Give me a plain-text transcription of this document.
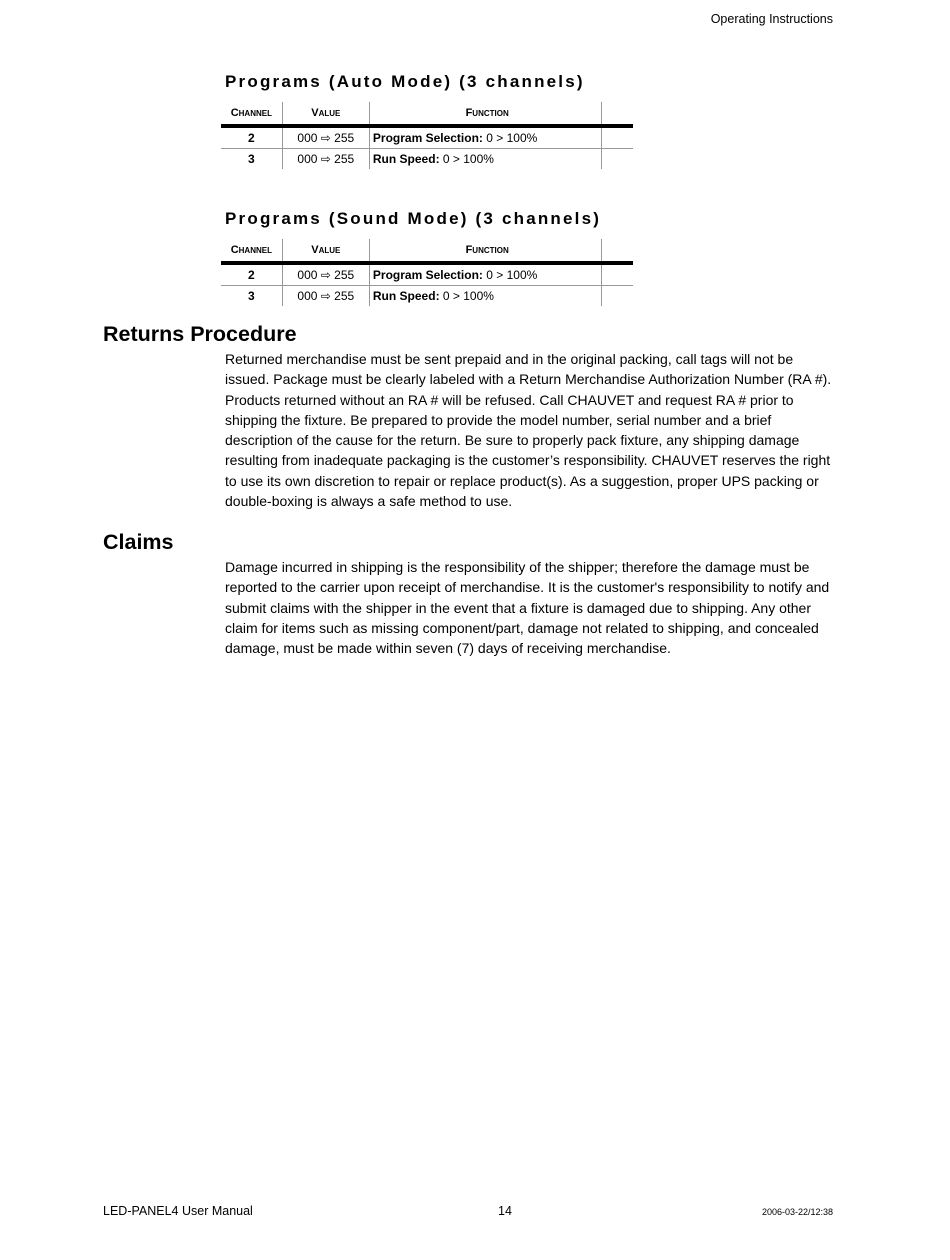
Operating Instructions
Programs (Auto Mode) (3 channels)
Channel	value	function	
2	000 ⇨ 255	Program Selection: 0 > 100%	
3	000 ⇨ 255	Run Speed: 0 > 100%	
Programs (Sound Mode) (3 channels)
Channel	value	function	
2	000 ⇨ 255	Program Selection: 0 > 100%	
3	000 ⇨ 255	Run Speed: 0 > 100%	
Returns Procedure

Returned merchandise must be sent prepaid and in the original packing, call tags will not be issued. Package must be clearly labeled with a Return Merchandise Authorization Number (RA #). Products returned without an RA # will be refused. Call CHAUVET and request RA # prior to shipping the fixture. Be prepared to provide the model number, serial number and a brief description of the cause for the return. Be sure to properly pack fixture, any shipping damage resulting from inadequate packaging is the customer’s responsibility. CHAUVET reserves the right to use its own discretion to repair or replace product(s). As a suggestion, proper UPS packing or double-boxing is always a safe method to use.

Claims

Damage incurred in shipping is the responsibility of the shipper; therefore the damage must be reported to the carrier upon receipt of merchandise. It is the customer's responsibility to notify and submit claims with the shipper in the event that a fixture is damaged due to shipping. Any other claim for items such as missing component/part, damage not related to shipping, and concealed damage, must be made within seven (7) days of receiving merchandise.

LED-PANEL4 User Manual	14	2006-03-22/12:38
